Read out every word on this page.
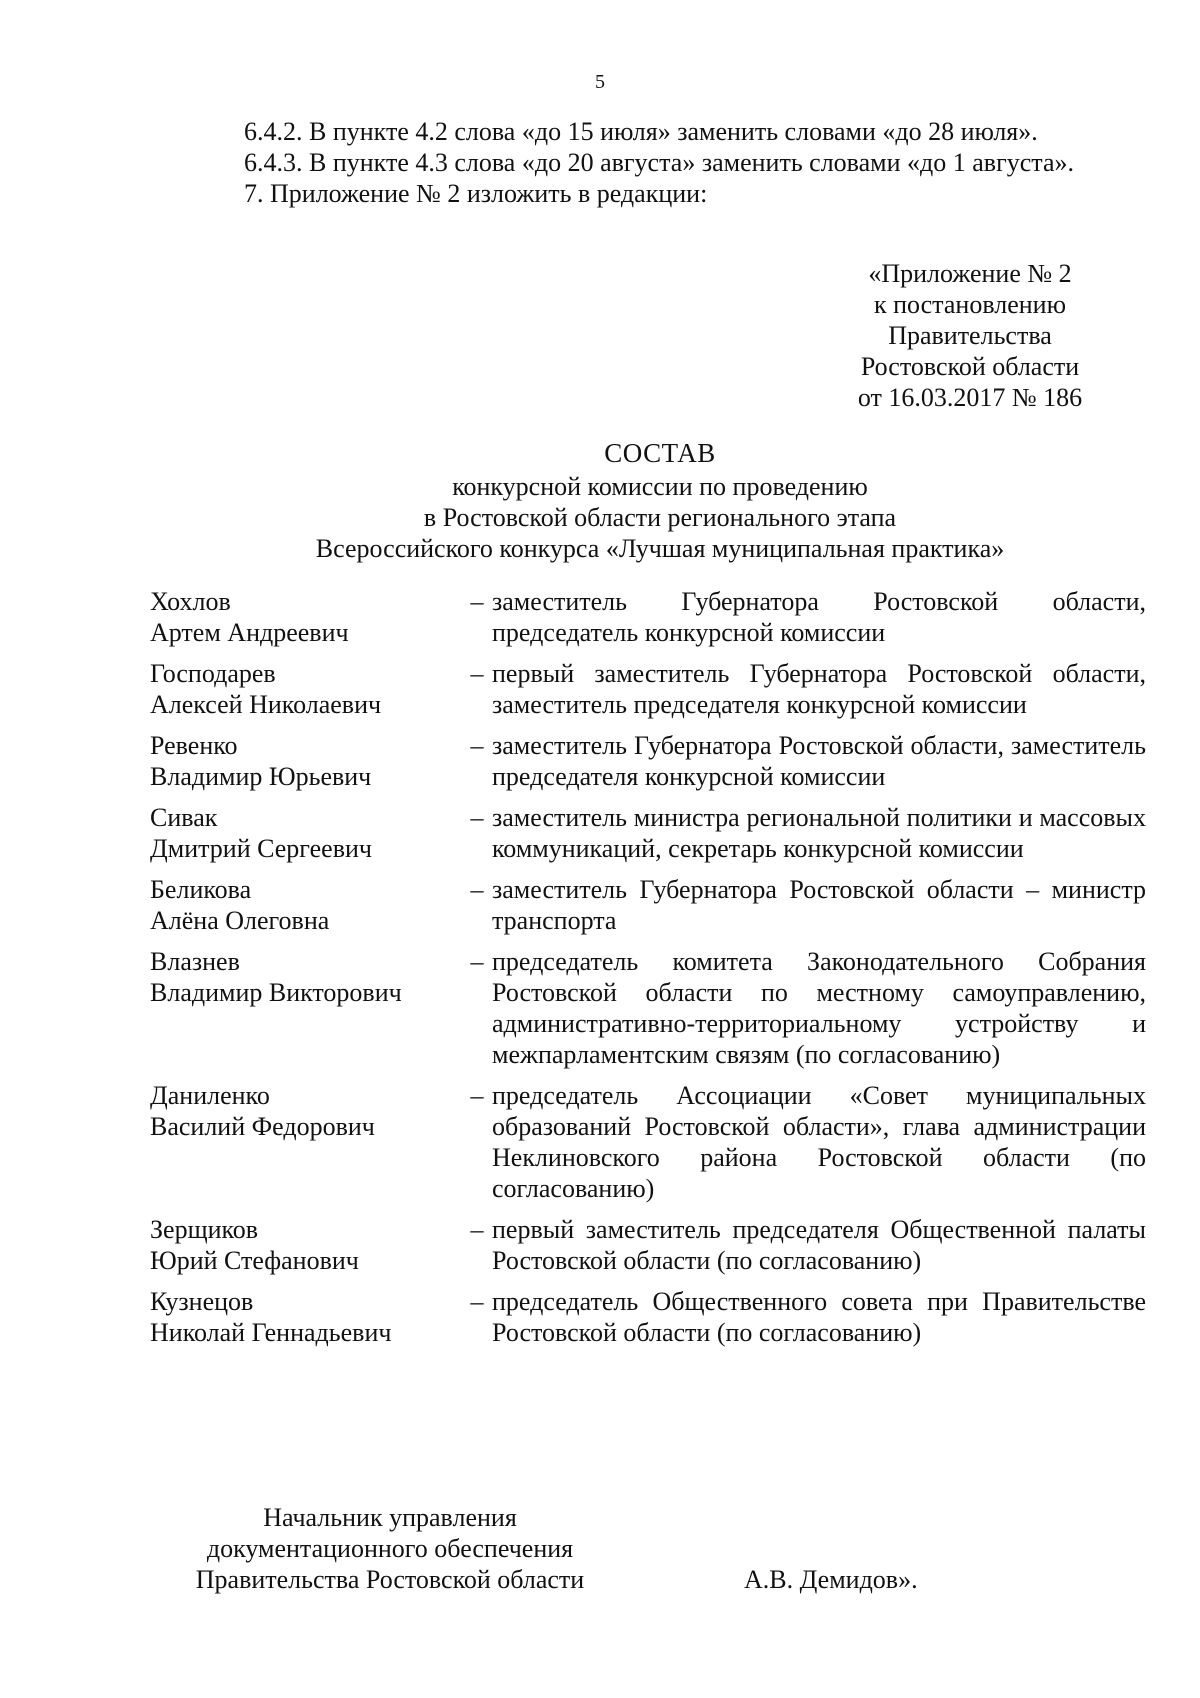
5

6.4.2. В пункте 4.2 слова «до 15 июля» заменить словами «до 28 июля».

6.4.3. В пункте 4.3 слова «до 20 августа» заменить словами «до 1 августа».

7. Приложение № 2 изложить в редакции:

«Приложение № 2
к постановлению
Правительства
Ростовской области
от 16.03.2017 № 186
СОСТАВ
конкурсной комиссии по проведению
в Ростовской области регионального этапа
Всероссийского конкурса «Лучшая муниципальная практика»
Хохлов
Артем Андреевич
– заместитель Губернатора Ростовской области, председатель конкурсной комиссии
Господарев
Алексей Николаевич
– первый заместитель Губернатора Ростовской области, заместитель председателя конкурсной комиссии
Ревенко
Владимир Юрьевич
– заместитель Губернатора Ростовской области, заместитель председателя конкурсной комиссии
Сивак
Дмитрий Сергеевич
– заместитель министра региональной политики и массовых коммуникаций, секретарь конкурсной комиссии
Беликова
Алёна Олеговна
– заместитель Губернатора Ростовской области – министр транспорта
Влазнев
Владимир Викторович
– председатель комитета Законодательного Собрания Ростовской области по местному самоуправлению, административно-территориальному устройству и межпарламентским связям (по согласованию)
Даниленко
Василий Федорович
– председатель Ассоциации «Совет муниципальных образований Ростовской области», глава администрации Неклиновского района Ростовской области (по согласованию)
Зерщиков
Юрий Стефанович
– первый заместитель председателя Общественной палаты Ростовской области (по согласованию)
Кузнецов
Николай Геннадьевич
– председатель Общественного совета при Правительстве Ростовской области (по согласованию)
Начальник управления
документационного обеспечения
Правительства Ростовской области	А.В. Демидов».
